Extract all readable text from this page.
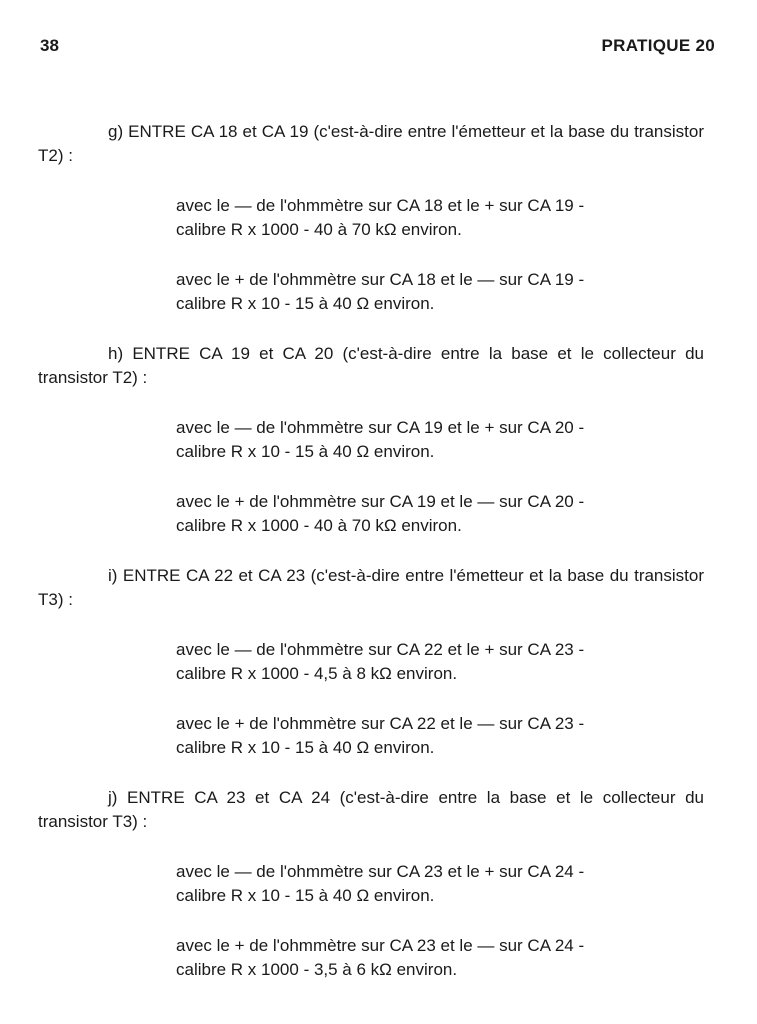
38	PRATIQUE 20

g) ENTRE CA 18 et CA 19 (c'est-à-dire entre l'émetteur et la base du transistor T2) :

avec le — de l'ohmmètre sur CA 18 et le + sur CA 19 -
calibre R x 1000 - 40 à 70 kΩ environ.

avec le + de l'ohmmètre sur CA 18 et le — sur CA 19 -
calibre R x 10 - 15 à 40 Ω environ.

h) ENTRE CA 19 et CA 20 (c'est-à-dire entre la base et le collecteur du transistor T2) :

avec le — de l'ohmmètre sur CA 19 et le + sur CA 20 -
calibre R x 10 - 15 à 40 Ω environ.

avec le + de l'ohmmètre sur CA 19 et le — sur CA 20 -
calibre R x 1000 - 40 à 70 kΩ environ.

i) ENTRE CA 22 et CA 23 (c'est-à-dire entre l'émetteur et la base du transistor T3) :

avec le — de l'ohmmètre sur CA 22 et le + sur CA 23 -
calibre R x 1000 - 4,5 à 8 kΩ environ.

avec le + de l'ohmmètre sur CA 22 et le — sur CA 23 -
calibre R x 10 - 15 à 40 Ω environ.

j) ENTRE CA 23 et CA 24 (c'est-à-dire entre la base et le collecteur du transistor T3) :

avec le — de l'ohmmètre sur CA 23 et le + sur CA 24 -
calibre R x 10 - 15 à 40 Ω environ.

avec le + de l'ohmmètre sur CA 23 et le — sur CA 24 -
calibre R x 1000 - 3,5 à 6 kΩ environ.
